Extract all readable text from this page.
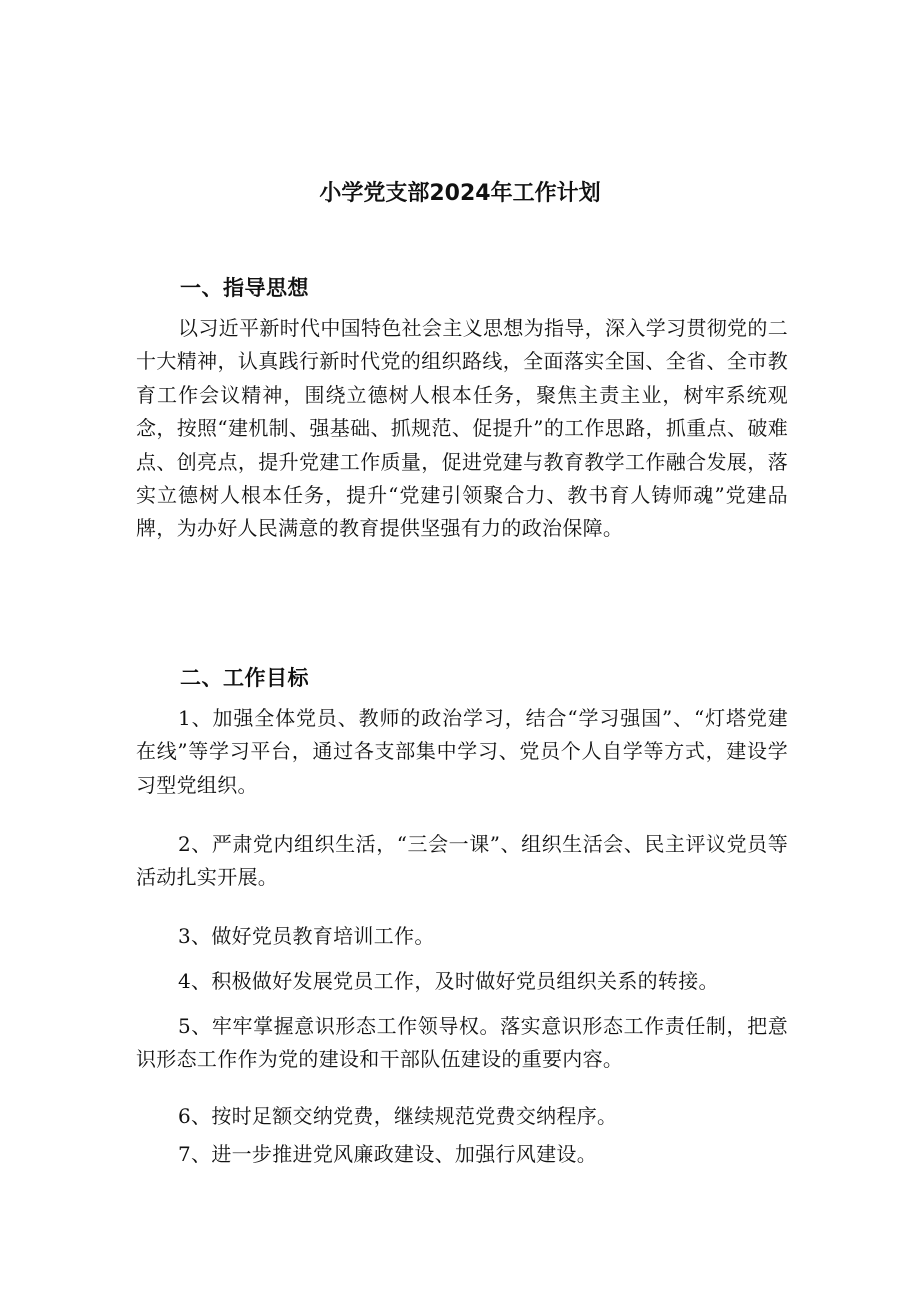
小学党支部2024年工作计划
一、指导思想

以习近平新时代中国特色社会主义思想为指导，深入学习贯彻党的二十大精神，认真践行新时代党的组织路线，全面落实全国、全省、全市教育工作会议精神，围绕立德树人根本任务，聚焦主责主业，树牢系统观念，按照“建机制、强基础、抓规范、促提升”的工作思路，抓重点、破难点、创亮点，提升党建工作质量，促进党建与教育教学工作融合发展，落实立德树人根本任务，提升“党建引领聚合力、教书育人铸师魂”党建品牌，为办好人民满意的教育提供坚强有力的政治保障。

二、工作目标

1、加强全体党员、教师的政治学习，结合“学习强国”、“灯塔党建在线”等学习平台，通过各支部集中学习、党员个人自学等方式，建设学习型党组织。

2、严肃党内组织生活，“三会一课”、组织生活会、民主评议党员等活动扎实开展。

3、做好党员教育培训工作。

4、积极做好发展党员工作，及时做好党员组织关系的转接。

5、牢牢掌握意识形态工作领导权。落实意识形态工作责任制，把意识形态工作作为党的建设和干部队伍建设的重要内容。

6、按时足额交纳党费，继续规范党费交纳程序。

7、进一步推进党风廉政建设、加强行风建设。
